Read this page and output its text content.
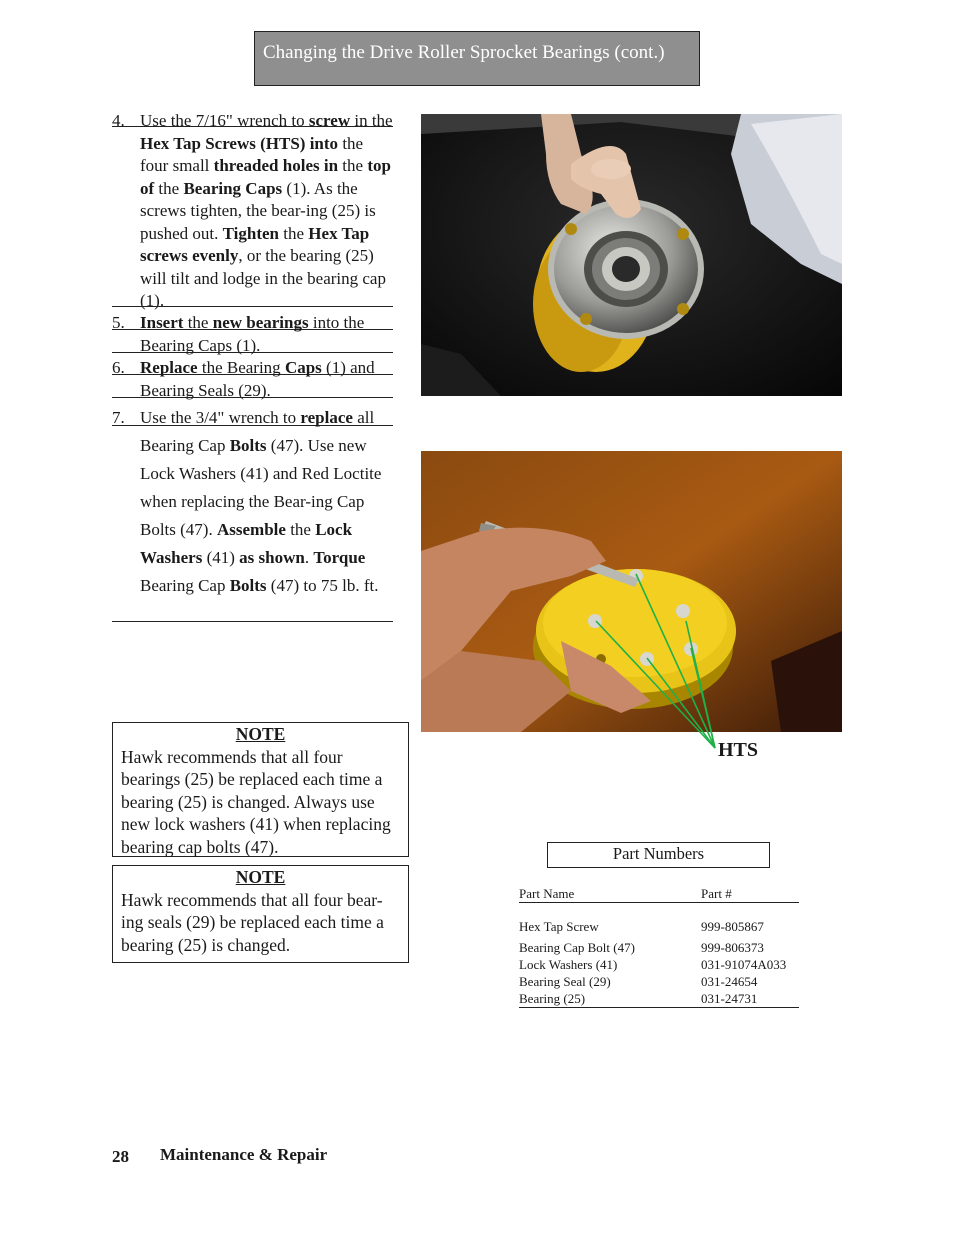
Changing the Drive Roller Sprocket Bearings (cont.)
4. Use the 7/16" wrench to screw in the Hex Tap Screws (HTS) into the four small threaded holes in the top of the Bearing Caps (1). As the screws tighten, the bear-ing (25) is pushed out. Tighten the Hex Tap screws evenly, or the bearing (25) will tilt and lodge in the bearing cap (1).
5. Insert the new bearings into the Bearing Caps (1).
6. Replace the Bearing Caps (1) and Bearing Seals (29).
7. Use the 3/4" wrench to replace all Bearing Cap Bolts (47). Use new Lock Washers (41) and Red Loctite when replacing the Bear-ing Cap Bolts (47). Assemble the Lock Washers (41) as shown. Torque Bearing Cap Bolts (47) to 75 lb. ft.
NOTE
Hawk recommends that all four bearings (25) be replaced each time a bearing (25) is changed. Always use new lock washers (41) when replacing bearing cap bolts (47).
NOTE
Hawk recommends that all four bear-ing seals (29) be replaced each time a bearing (25) is changed.
HTS
Part Numbers
Part Name	Part #
Hex Tap Screw	999-805867
Bearing Cap Bolt (47)	999-806373
Lock Washers (41)	031-91074A033
Bearing Seal (29)	031-24654
Bearing (25)	031-24731
28 Maintenance & Repair
